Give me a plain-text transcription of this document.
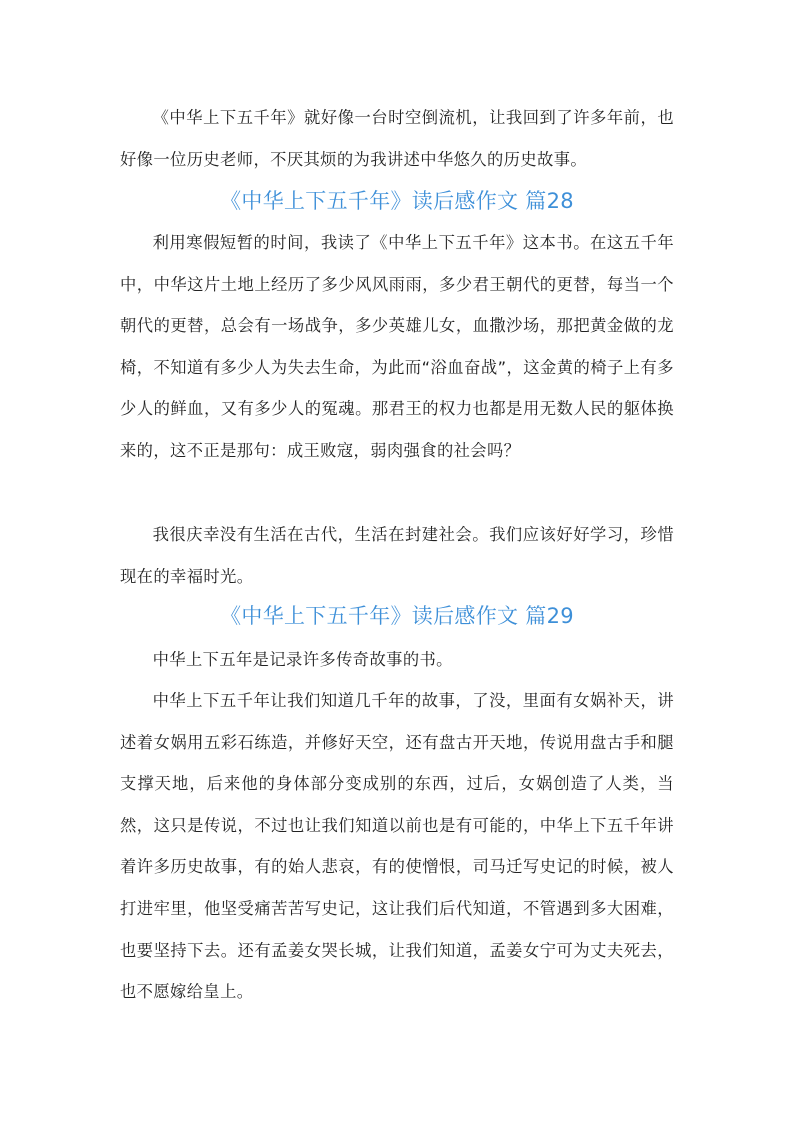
《中华上下五千年》就好像一台时空倒流机，让我回到了许多年前，也好像一位历史老师，不厌其烦的为我讲述中华悠久的历史故事。

《中华上下五千年》读后感作文 篇28

利用寒假短暂的时间，我读了《中华上下五千年》这本书。在这五千年中，中华这片土地上经历了多少风风雨雨，多少君王朝代的更替，每当一个朝代的更替，总会有一场战争，多少英雄儿女，血撒沙场，那把黄金做的龙椅，不知道有多少人为失去生命，为此而“浴血奋战”，这金黄的椅子上有多少人的鲜血，又有多少人的冤魂。那君王的权力也都是用无数人民的躯体换来的，这不正是那句：成王败寇，弱肉强食的社会吗？

我很庆幸没有生活在古代，生活在封建社会。我们应该好好学习，珍惜现在的幸福时光。

《中华上下五千年》读后感作文 篇29

中华上下五年是记录许多传奇故事的书。

中华上下五千年让我们知道几千年的故事，了没，里面有女娲补天，讲述着女娲用五彩石练造，并修好天空，还有盘古开天地，传说用盘古手和腿支撑天地，后来他的身体部分变成别的东西，过后，女娲创造了人类，当然，这只是传说，不过也让我们知道以前也是有可能的，中华上下五千年讲着许多历史故事，有的始人悲哀，有的使憎恨，司马迁写史记的时候，被人打进牢里，他坚受痛苦苦写史记，这让我们后代知道，不管遇到多大困难，也要坚持下去。还有孟姜女哭长城，让我们知道，孟姜女宁可为丈夫死去，也不愿嫁给皇上。
